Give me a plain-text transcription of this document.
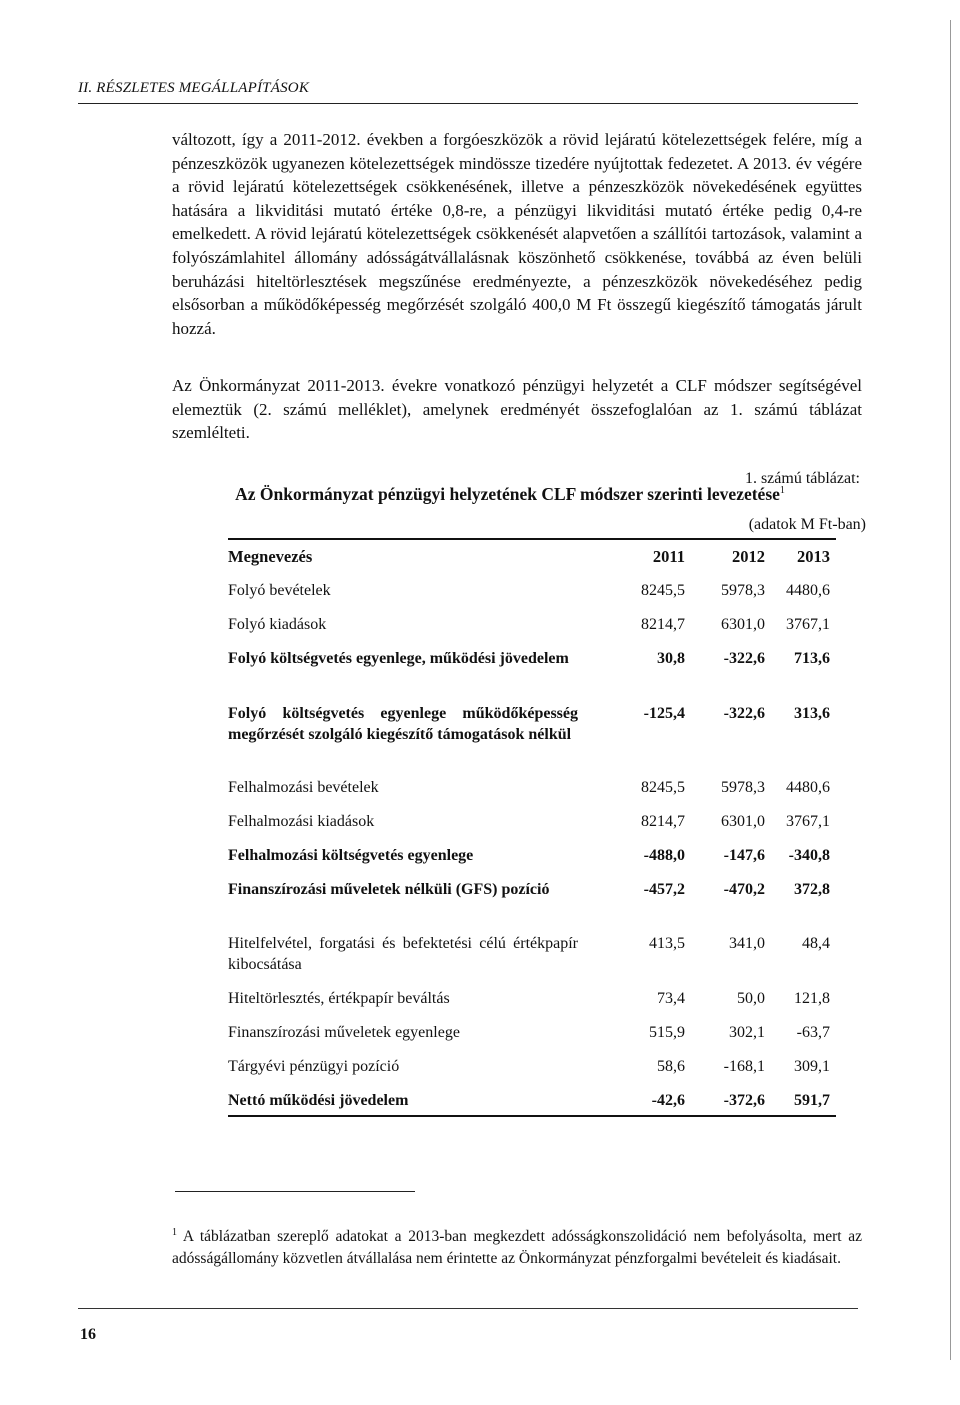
II. RÉSZLETES MEGÁLLAPÍTÁSOK

változott, így a 2011-2012. években a forgóeszközök a rövid lejáratú kötelezettségek felére, míg a pénzeszközök ugyanezen kötelezettségek mindössze tizedére nyújtottak fedezetet. A 2013. év végére a rövid lejáratú kötelezettségek csökkenésének, illetve a pénzeszközök növekedésének együttes hatására a likviditási mutató értéke 0,8-re, a pénzügyi likviditási mutató értéke pedig 0,4-re emelkedett. A rövid lejáratú kötelezettségek csökkenését alapvetően a szállítói tartozások, valamint a folyószámlahitel állomány adósságátvállalásnak köszönhető csökkenése, továbbá az éven belüli beruházási hiteltörlesztések megszűnése eredményezte, a pénzeszközök növekedéséhez pedig elsősorban a működőképesség megőrzését szolgáló 400,0 M Ft összegű kiegészítő támogatás járult hozzá.

Az Önkormányzat 2011-2013. évekre vonatkozó pénzügyi helyzetét a CLF módszer segítségével elemeztük (2. számú melléklet), amelynek eredményét összefoglalóan az 1. számú táblázat szemlélteti.

1. számú táblázat:
Az Önkormányzat pénzügyi helyzetének CLF módszer szerinti levezetése$^1$
(adatok M Ft-ban)
Megnevezés	2011	2012	2013
Folyó bevételek	8245,5	5978,3	4480,6
Folyó kiadások	8214,7	6301,0	3767,1
Folyó költségvetés egyenlege, működési jövedelem	30,8	-322,6	713,6
Folyó költségvetés egyenlege működőképesség megőrzését szolgáló kiegészítő támogatások nélkül
-125,4	-322,6	313,6
Felhalmozási bevételek	8245,5	5978,3	4480,6
Felhalmozási kiadások	8214,7	6301,0	3767,1
Felhalmozási költségvetés egyenlege	-488,0	-147,6	-340,8
Finanszírozási műveletek nélküli (GFS) pozíció	-457,2	-470,2	372,8
Hitelfelvétel, forgatási és befektetési célú értékpapír kibocsátása
413,5	341,0	48,4
Hiteltörlesztés, értékpapír beváltás	73,4	50,0	121,8
Finanszírozási műveletek egyenlege	515,9	302,1	-63,7
Tárgyévi pénzügyi pozíció	58,6	-168,1	309,1
Nettó működési jövedelem	-42,6	-372,6	591,7

$^1$ A táblázatban szereplő adatokat a 2013-ban megkezdett adósságkonszolidáció nem befolyásolta, mert az adósságállomány közvetlen átvállalása nem érintette az Önkormányzat pénzforgalmi bevételeit és kiadásait.

16
